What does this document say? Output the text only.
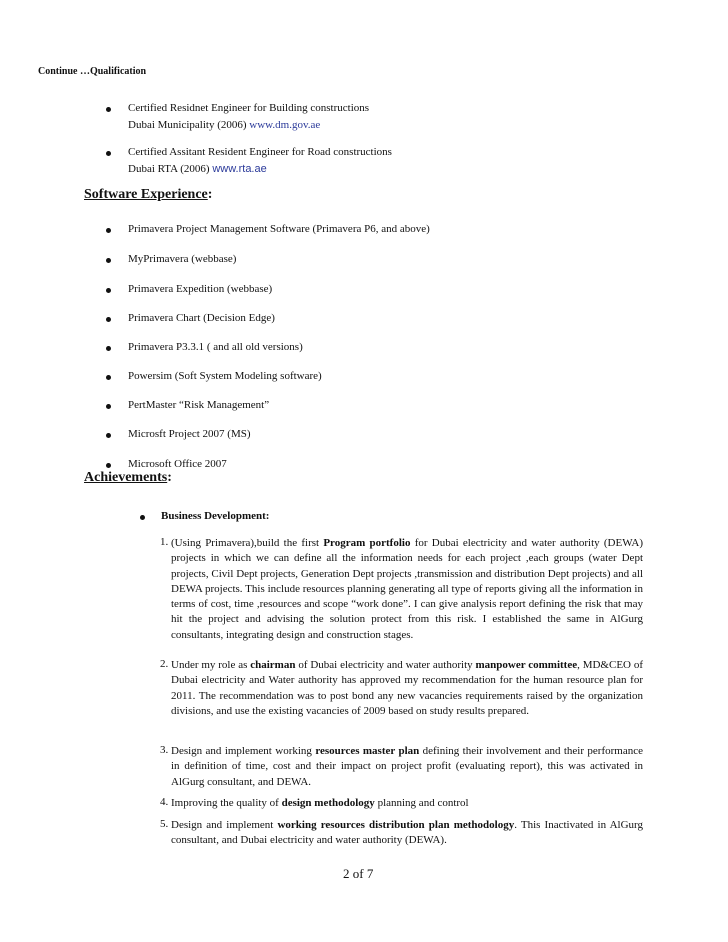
Continue …Qualification
Certified Residnet Engineer for Building constructions
Dubai Municipality (2006) www.dm.gov.ae
Certified Assitant Resident Engineer for Road constructions
Dubai RTA (2006) www.rta.ae
Software Experience:
Primavera Project Management Software (Primavera P6, and above)
MyPrimavera (webbase)
Primavera Expedition (webbase)
Primavera Chart (Decision Edge)
Primavera P3.3.1 ( and all old versions)
Powersim (Soft System Modeling software)
PertMaster “Risk Management”
Microsft Project 2007 (MS)
Microsoft Office 2007
Achievements:
Business Development:
1. (Using Primavera),build the first Program portfolio for Dubai electricity and water authority (DEWA) projects in which we can define all the information needs for each project ,each groups (water Dept projects, Civil Dept projects, Generation Dept projects ,transmission and distribution Dept projects) and all DEWA projects. This include resources planning generating all type of reports giving all the information in terms of cost, time ,resources and scope “work done”. I can give analysis report defining the risk that may hit the project and advising the solution protect from this risk. I established the same in AlGurg consultants, integrating design and construction stages.
2. Under my role as chairman of Dubai electricity and water authority manpower committee, MD&CEO of Dubai electricity and Water authority has approved my recommendation for the human resource plan for 2011. The recommendation was to post bond any new vacancies requirements raised by the organization divisions, and use the existing vacancies of 2009 based on study results prepared.
3. Design and implement working resources master plan defining their involvement and their performance in definition of time, cost and their impact on project profit (evaluating report), this was activated in AlGurg consultant, and DEWA.
4. Improving the quality of design methodology planning and control
5. Design and implement working resources distribution plan methodology. This Inactivated in AlGurg consultant, and Dubai electricity and water authority (DEWA).
2 of 7
